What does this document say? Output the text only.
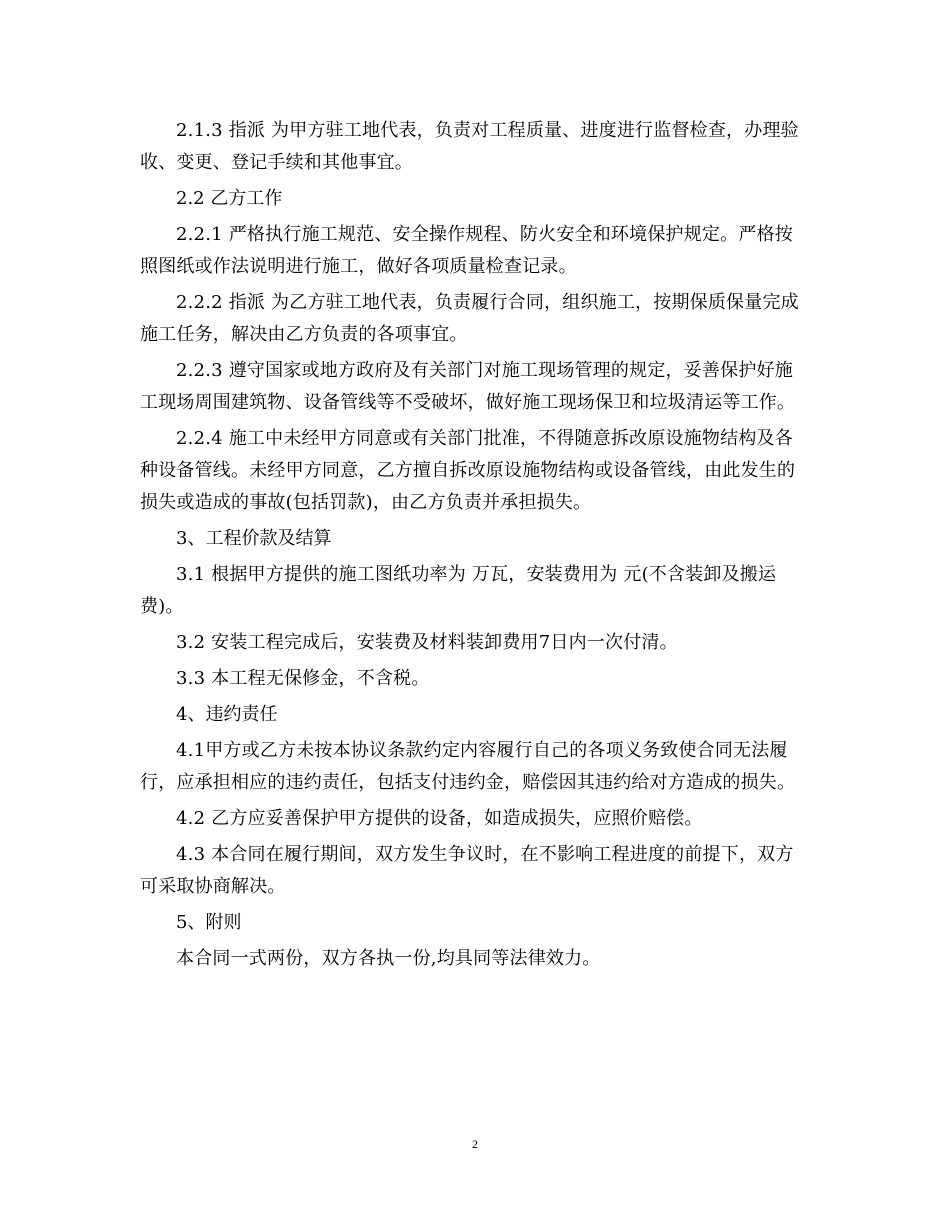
2.1.3 指派 为甲方驻工地代表，负责对工程质量、进度进行监督检查，办理验收、变更、登记手续和其他事宜。

2.2 乙方工作

2.2.1 严格执行施工规范、安全操作规程、防火安全和环境保护规定。严格按照图纸或作法说明进行施工，做好各项质量检查记录。

2.2.2 指派 为乙方驻工地代表，负责履行合同，组织施工，按期保质保量完成施工任务，解决由乙方负责的各项事宜。

2.2.3 遵守国家或地方政府及有关部门对施工现场管理的规定，妥善保护好施工现场周围建筑物、设备管线等不受破坏，做好施工现场保卫和垃圾清运等工作。

2.2.4 施工中未经甲方同意或有关部门批准，不得随意拆改原设施物结构及各种设备管线。未经甲方同意，乙方擅自拆改原设施物结构或设备管线，由此发生的损失或造成的事故(包括罚款)，由乙方负责并承担损失。

3、工程价款及结算

3.1 根据甲方提供的施工图纸功率为 万瓦，安装费用为 元(不含装卸及搬运费)。

3.2 安装工程完成后，安装费及材料装卸费用7日内一次付清。

3.3 本工程无保修金，不含税。

4、违约责任

4.1甲方或乙方未按本协议条款约定内容履行自己的各项义务致使合同无法履行，应承担相应的违约责任，包括支付违约金，赔偿因其违约给对方造成的损失。

4.2 乙方应妥善保护甲方提供的设备，如造成损失，应照价赔偿。

4.3 本合同在履行期间，双方发生争议时，在不影响工程进度的前提下，双方可采取协商解决。

5、附则

本合同一式两份，双方各执一份,均具同等法律效力。

2
